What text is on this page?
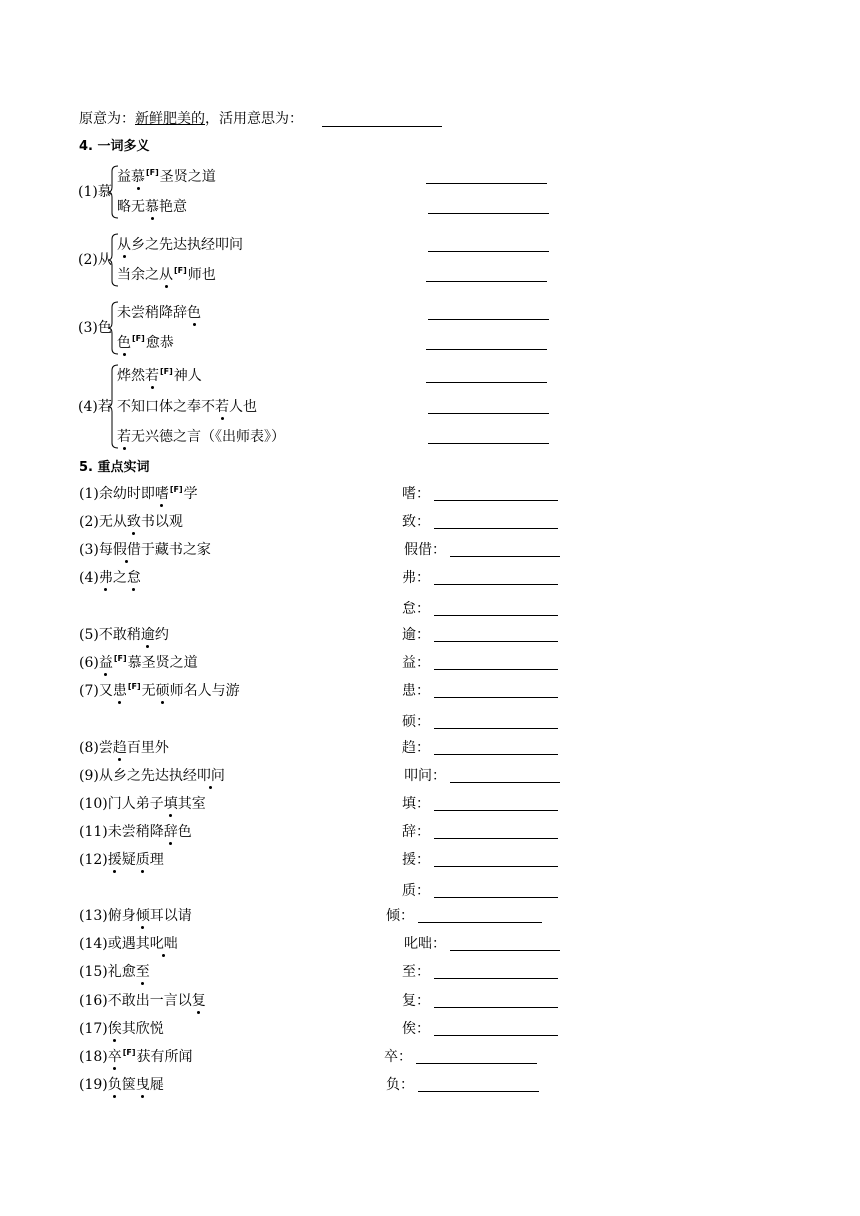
原意为：新鲜肥美的，活用意思为：
4. 一词多义
(1)慕
益慕[F]圣贤之道
略无慕艳意
(2)从
从乡之先达执经叩问
当余之从[F]师也
(3)色
未尝稍降辞色
色[F]愈恭
(4)若
烨然若[F]神人
不知口体之奉不若人也
若无兴德之言（《出师表》）
5. 重点实词
(1)余幼时即嗜[F]学	嗜：
(2)无从致书以观	致：
(3)每假借于藏书之家	假借：
(4)弗之怠	弗：
怠：
(5)不敢稍逾约	逾：
(6)益[F]慕圣贤之道	益：
(7)又患[F]无硕师名人与游	患：
硕：
(8)尝趋百里外	趋：
(9)从乡之先达执经叩问	叩问：
(10)门人弟子填其室	填：
(11)未尝稍降辞色	辞：
(12)援疑质理	援：
质：
(13)俯身倾耳以请	倾：
(14)或遇其叱咄	叱咄：
(15)礼愈至	至：
(16)不敢出一言以复	复：
(17)俟其欣悦	俟：
(18)卒[F]获有所闻	卒：
(19)负箧曳屣	负：
